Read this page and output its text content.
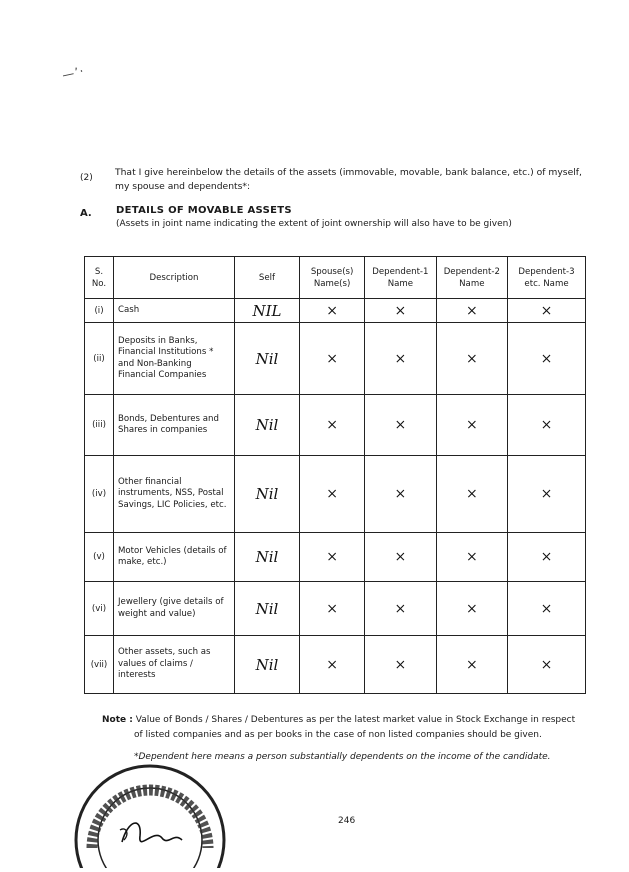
—’·
(2) That I give hereinbelow the details of the assets (immovable, movable, bank balance, etc.) of myself, my spouse and dependents*:
A. DETAILS OF MOVABLE ASSETS
(Assets in joint name indicating the extent of joint ownership will also have to be given)
S. No.	Description	Self	Spouse(s) Name(s)	Dependent-1 Name	Dependent-2 Name	Dependent-3 etc. Name
(i)	Cash	NIL	×	×	×	×
(ii)	Deposits in Banks, Financial Institutions * and Non-Banking Financial Companies	Nil	×	×	×	×
(iii)	Bonds, Debentures and Shares in companies	Nil	×	×	×	×
(iv)	Other financial instruments, NSS, Postal Savings, LIC Policies, etc.	Nil	×	×	×	×
(v)	Motor Vehicles (details of make, etc.)	Nil	×	×	×	×
(vi)	Jewellery (give details of weight and value)	Nil	×	×	×	×
(vii)	Other assets, such as values of claims / interests	Nil	×	×	×	×
Note : Value of Bonds / Shares / Debentures as per the latest market value in Stock Exchange in respect
of listed companies and as per books in the case of non listed companies should be given.
*Dependent here means a person substantially dependents on the income of the candidate.
246
